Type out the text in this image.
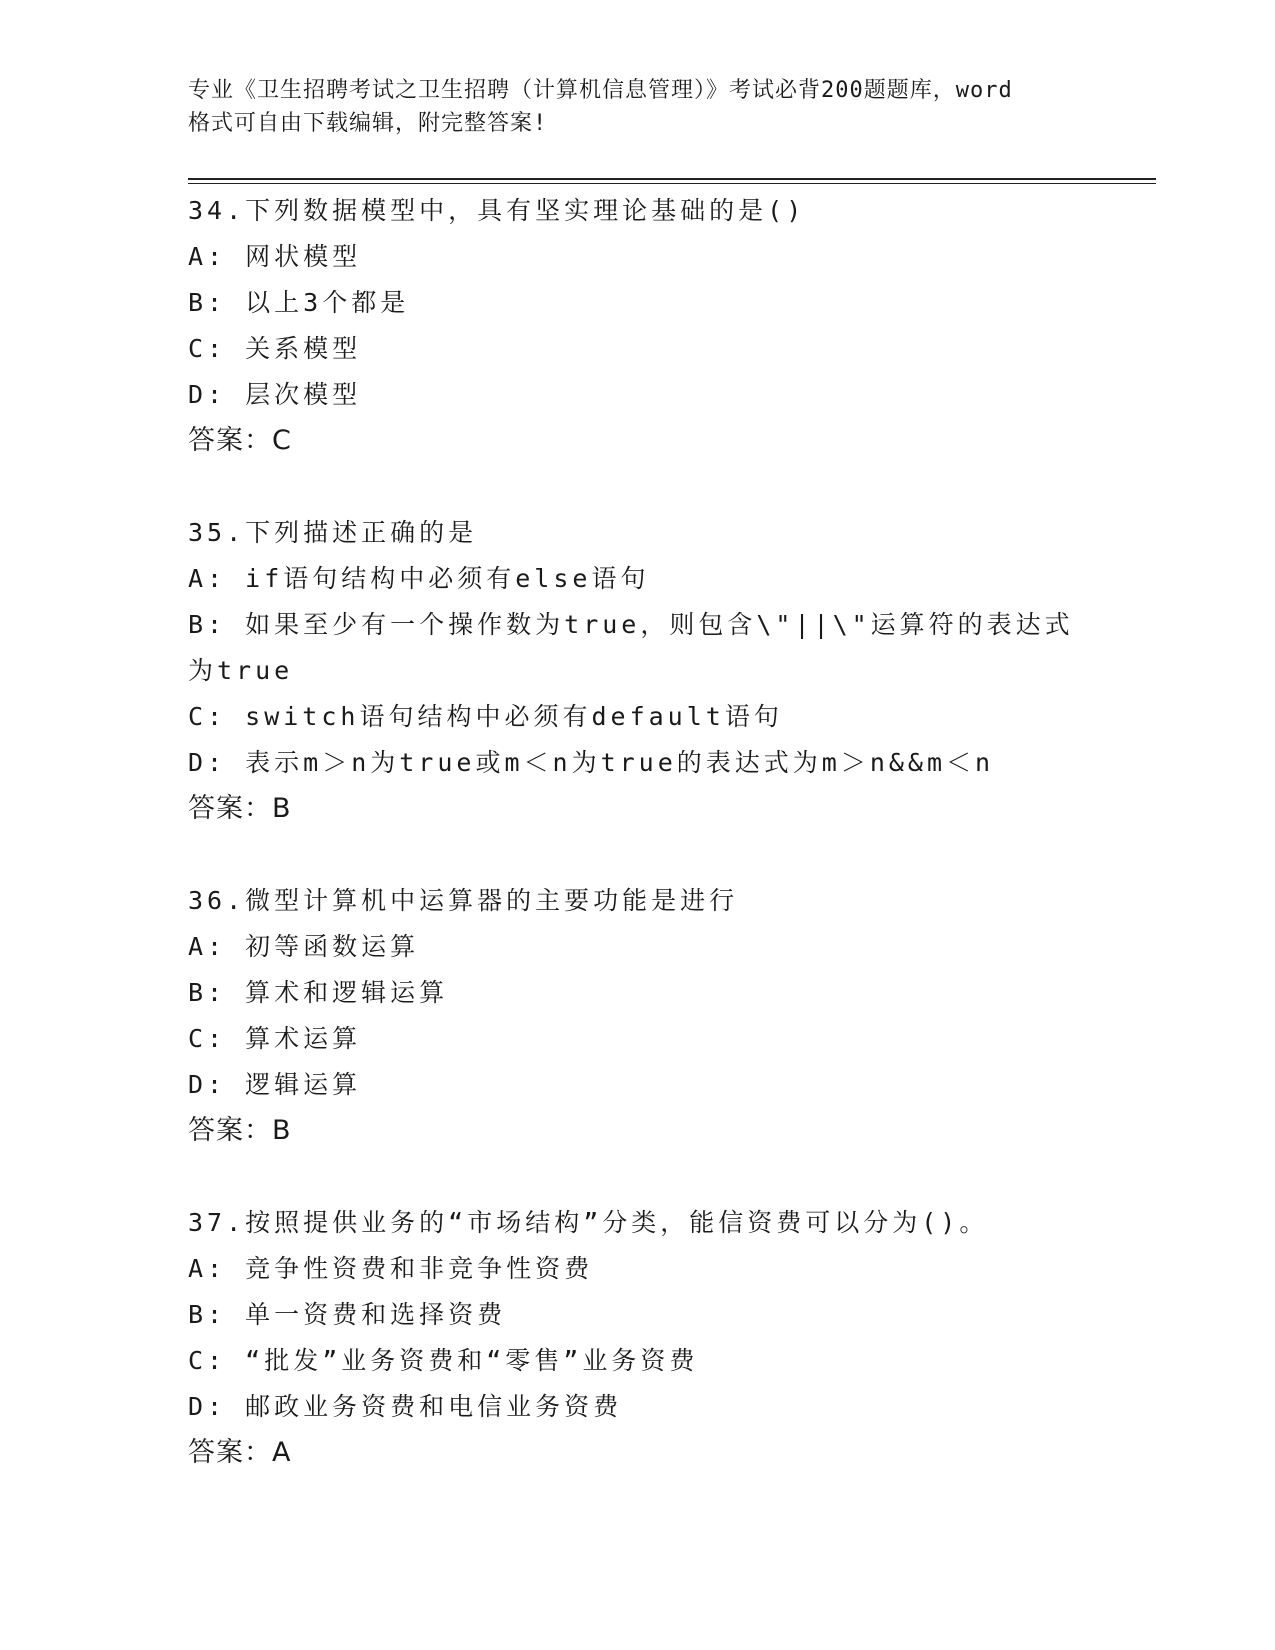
专业《卫生招聘考试之卫生招聘（计算机信息管理）》考试必背200题题库，word
格式可自由下载编辑，附完整答案!
34.下列数据模型中，具有坚实理论基础的是()
A: 网状模型
B: 以上3个都是
C: 关系模型
D: 层次模型
答案：C
35.下列描述正确的是
A: if语句结构中必须有else语句
B: 如果至少有一个操作数为true，则包含\"||\"运算符的表达式为true
C: switch语句结构中必须有default语句
D: 表示m＞n为true或m＜n为true的表达式为m＞n&&m＜n
答案：B
36.微型计算机中运算器的主要功能是进行
A: 初等函数运算
B: 算术和逻辑运算
C: 算术运算
D: 逻辑运算
答案：B
37.按照提供业务的“市场结构”分类，能信资费可以分为()。
A: 竞争性资费和非竞争性资费
B: 单一资费和选择资费
C: “批发”业务资费和“零售”业务资费
D: 邮政业务资费和电信业务资费
答案：A
